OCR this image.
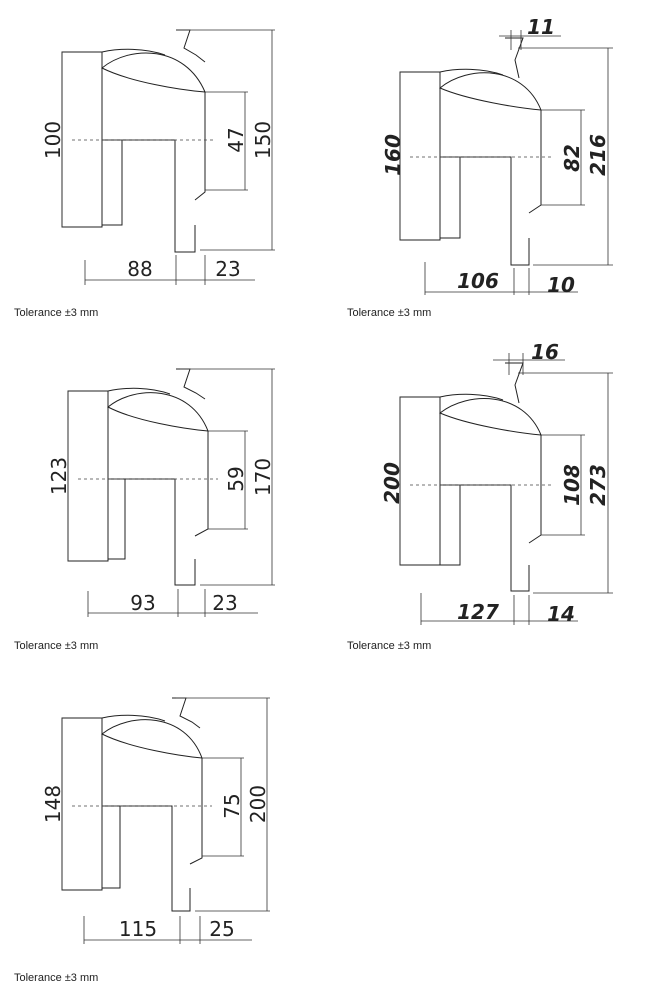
100	150
47
88	23
Tolerance ±3 mm
11
160	216
82
106 10
Tolerance ±3 mm
123	170
59
93	23
Tolerance ±3 mm
16
200	273
108
127 14
Tolerance ±3 mm
148	200
75
115	25
Tolerance ±3 mm
